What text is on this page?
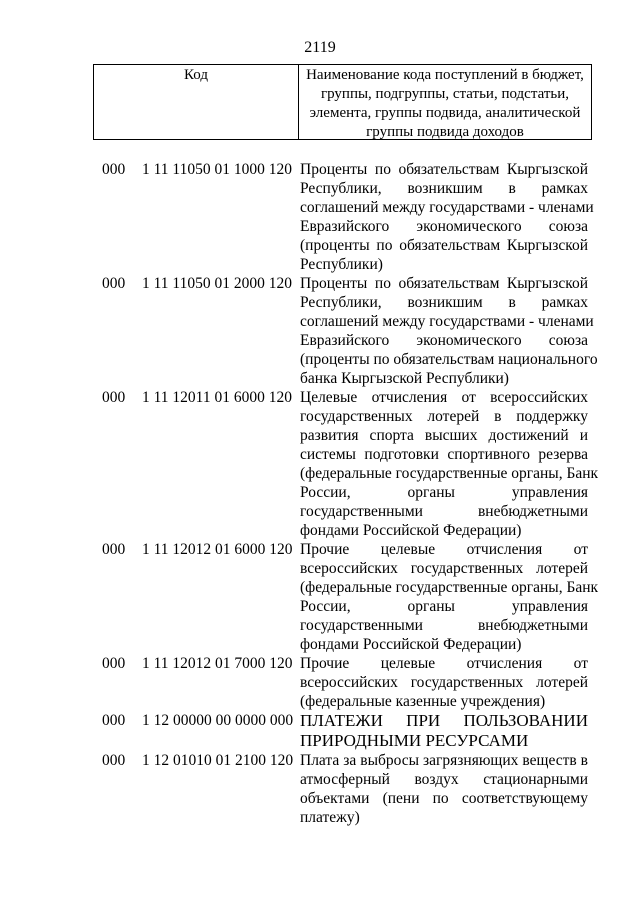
2119
Код	Наименование кода поступлений в бюджет, группы, подгруппы, статьи, подстатьи, элемента, группы подвида, аналитической группы подвида доходов
000	1 11 11050 01 1000 120 Проценты по обязательствам Кыргызской
Республики, возникшим в рамках
соглашений между государствами - членами
Евразийского экономического союза
(проценты по обязательствам Кыргызской
Республики)
000	1 11 11050 01 2000 120 Проценты по обязательствам Кыргызской
Республики, возникшим в рамках
соглашений между государствами - членами
Евразийского экономического союза
(проценты по обязательствам национального
банка Кыргызской Республики)
000	1 11 12011 01 6000 120 Целевые отчисления от всероссийских
государственных лотерей в поддержку
развития спорта высших достижений и
системы подготовки спортивного резерва
(федеральные государственные органы, Банк
России, органы управления
государственными внебюджетными
фондами Российской Федерации)
000	1 11 12012 01 6000 120 Прочие целевые отчисления от
всероссийских государственных лотерей
(федеральные государственные органы, Банк
России, органы управления
государственными внебюджетными
фондами Российской Федерации)
000	1 11 12012 01 7000 120 Прочие целевые отчисления от
всероссийских государственных лотерей
(федеральные казенные учреждения)
000	1 12 00000 00 0000 000 ПЛАТЕЖИ ПРИ ПОЛЬЗОВАНИИ
ПРИРОДНЫМИ РЕСУРСАМИ
000	1 12 01010 01 2100 120 Плата за выбросы загрязняющих веществ в
атмосферный воздух стационарными
объектами (пени по соответствующему
платежу)
